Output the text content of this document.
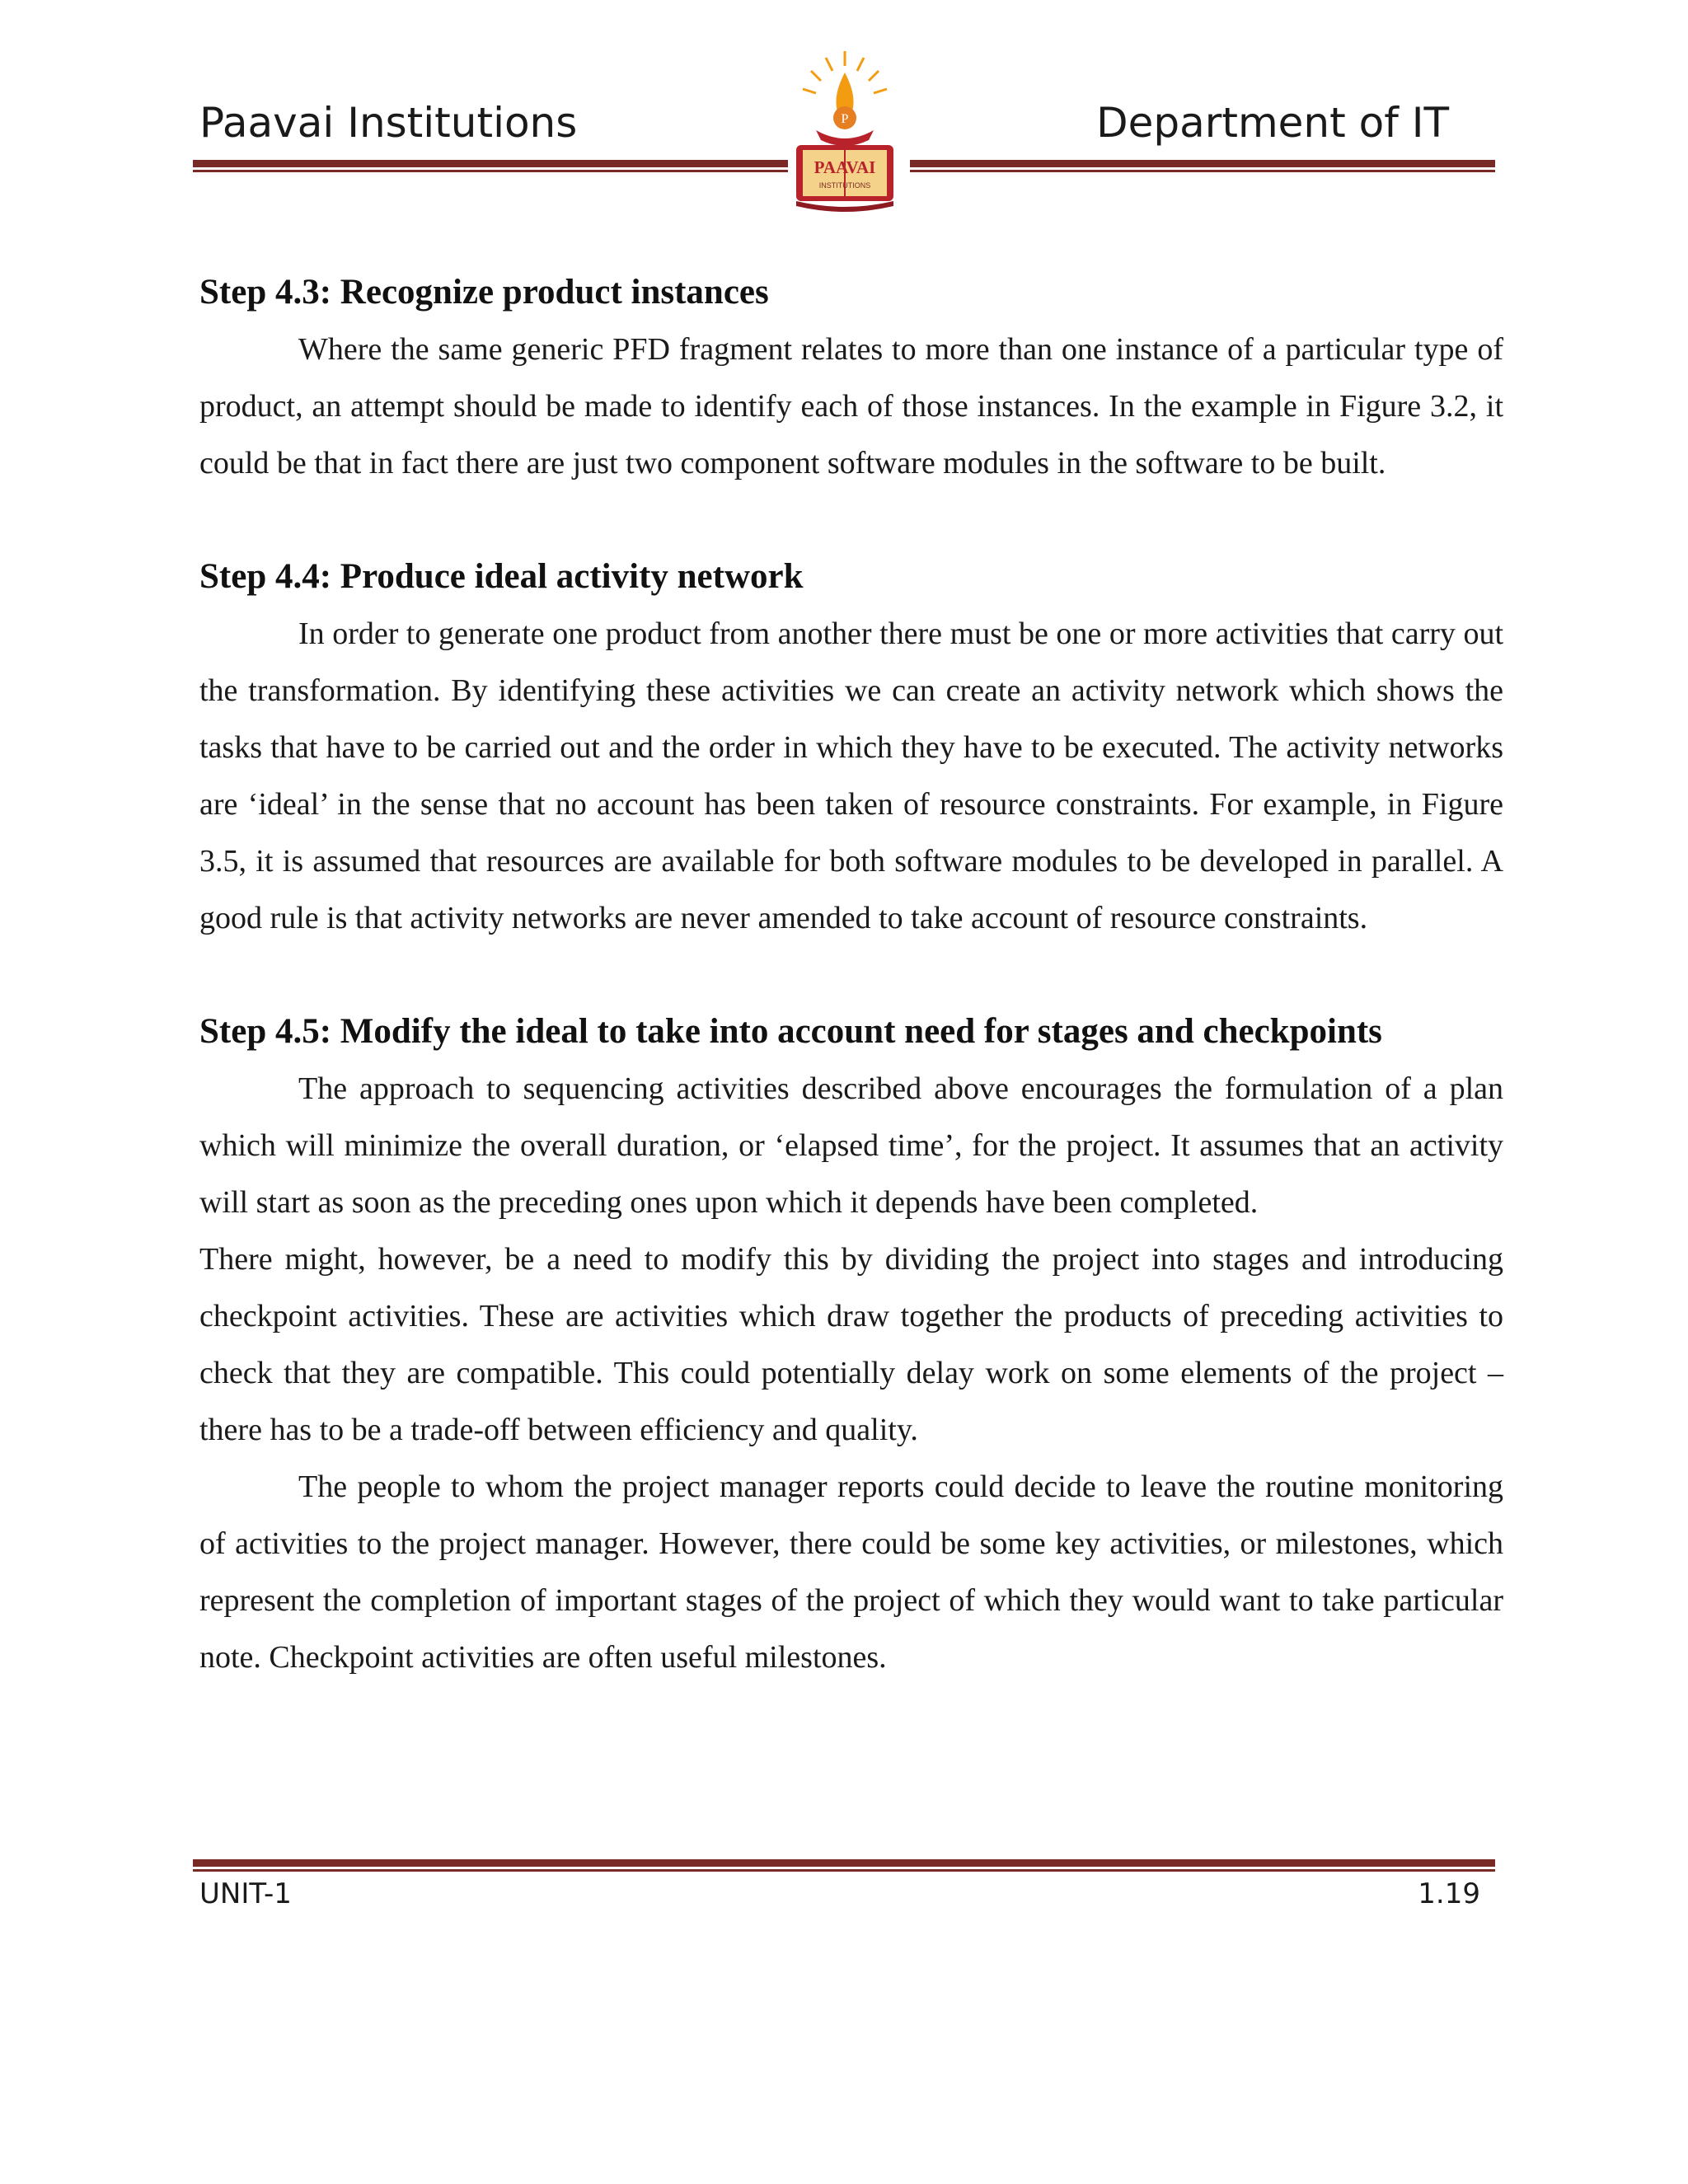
Paavai Institutions	Department of IT
P
PAAVAI
INSTITUTIONS
Step 4.3: Recognize product instances

Where the same generic PFD fragment relates to more than one instance of a particular type of product, an attempt should be made to identify each of those instances. In the example in Figure 3.2, it could be that in fact there are just two component software modules in the software to be built.

Step 4.4: Produce ideal activity network

In order to generate one product from another there must be one or more activities that carry out the transformation. By identifying these activities we can create an activity network which shows the tasks that have to be carried out and the order in which they have to be executed. The activity networks are ‘ideal’ in the sense that no account has been taken of resource constraints. For example, in Figure 3.5, it is assumed that resources are available for both software modules to be developed in parallel. A good rule is that activity networks are never amended to take account of resource constraints.

Step 4.5: Modify the ideal to take into account need for stages and checkpoints

The approach to sequencing activities described above encourages the formulation of a plan which will minimize the overall duration, or ‘elapsed time’, for the project. It assumes that an activity will start as soon as the preceding ones upon which it depends have been completed.

There might, however, be a need to modify this by dividing the project into stages and introducing checkpoint activities. These are activities which draw together the products of preceding activities to check that they are compatible. This could potentially delay work on some elements of the project – there has to be a trade-off between efficiency and quality.

The people to whom the project manager reports could decide to leave the routine monitoring of activities to the project manager. However, there could be some key activities, or milestones, which represent the completion of important stages of the project of which they would want to take particular note. Checkpoint activities are often useful milestones.

UNIT-1	1.19
